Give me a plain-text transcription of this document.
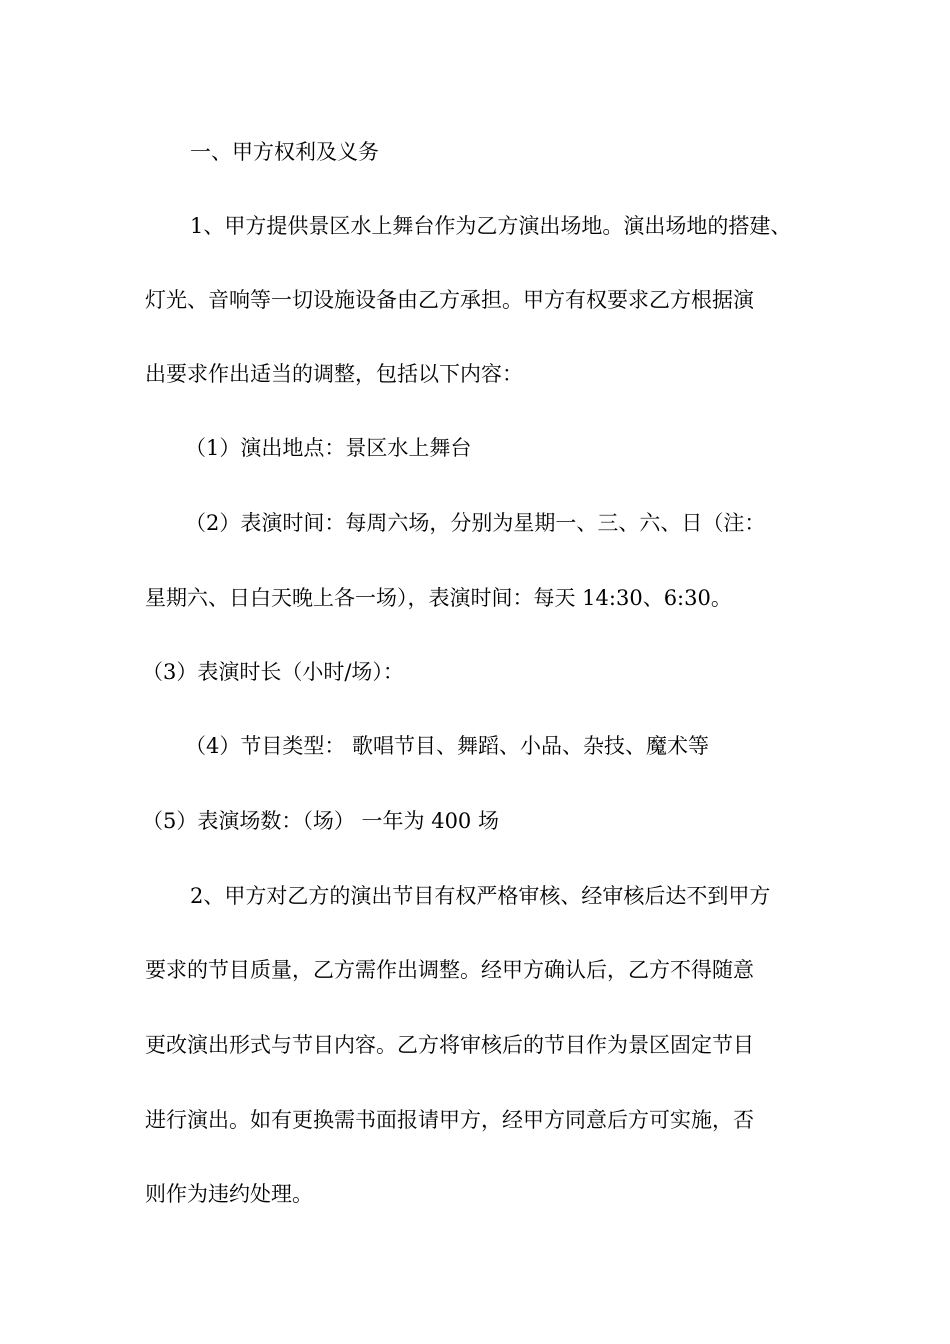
一、甲方权利及义务
1、甲方提供景区水上舞台作为乙方演出场地。演出场地的搭建、
灯光、音响等一切设施设备由乙方承担。甲方有权要求乙方根据演
出要求作出适当的调整，包括以下内容：
（1）演出地点：景区水上舞台
（2）表演时间：每周六场，分别为星期一、三、六、日（注：
星期六、日白天晚上各一场），表演时间：每天 14:30、6:30。
（3）表演时长（小时/场）：
（4）节目类型： 歌唱节目、舞蹈、小品、杂技、魔术等
（5）表演场数：（场） 一年为 400 场
2、甲方对乙方的演出节目有权严格审核、经审核后达不到甲方
要求的节目质量，乙方需作出调整。经甲方确认后，乙方不得随意
更改演出形式与节目内容。乙方将审核后的节目作为景区固定节目
进行演出。如有更换需书面报请甲方，经甲方同意后方可实施，否
则作为违约处理。
